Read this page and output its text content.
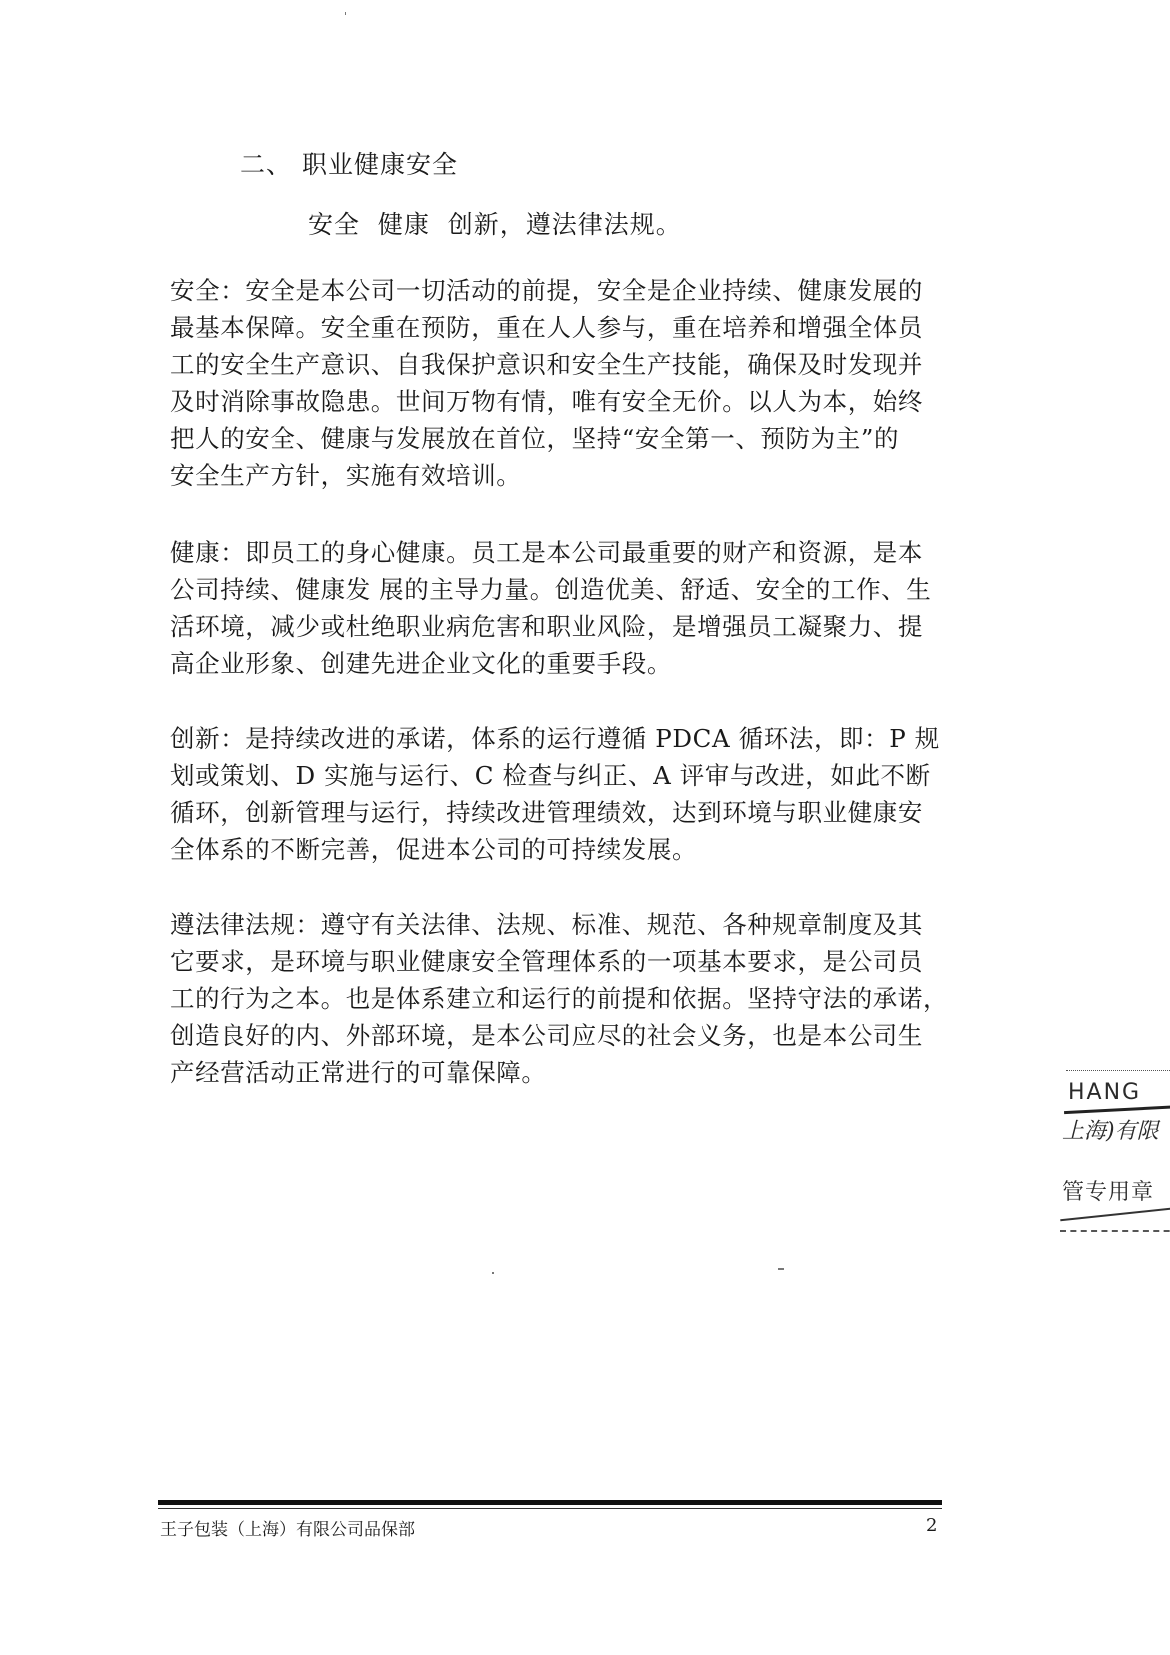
二、 职业健康安全
安全  健康  创新，遵法律法规。

安全：安全是本公司一切活动的前提，安全是企业持续、健康发展的
最基本保障。安全重在预防，重在人人参与，重在培养和增强全体员
工的安全生产意识、自我保护意识和安全生产技能，确保及时发现并
及时消除事故隐患。世间万物有情，唯有安全无价。以人为本，始终
把人的安全、健康与发展放在首位，坚持“安全第一、预防为主”的
安全生产方针，实施有效培训。

健康：即员工的身心健康。员工是本公司最重要的财产和资源，是本
公司持续、健康发 展的主导力量。创造优美、舒适、安全的工作、生
活环境，减少或杜绝职业病危害和职业风险，是增强员工凝聚力、提
高企业形象、创建先进企业文化的重要手段。

创新：是持续改进的承诺，体系的运行遵循 PDCA 循环法，即：P 规
划或策划、D 实施与运行、C 检查与纠正、A 评审与改进，如此不断
循环，创新管理与运行，持续改进管理绩效，达到环境与职业健康安
全体系的不断完善，促进本公司的可持续发展。

遵法律法规：遵守有关法律、法规、标准、规范、各种规章制度及其
它要求，是环境与职业健康安全管理体系的一项基本要求，是公司员
工的行为之本。也是体系建立和运行的前提和依据。坚持守法的承诺，
创造良好的内、外部环境，是本公司应尽的社会义务，也是本公司生
产经营活动正常进行的可靠保障。

HANG
上海)有限
管专用章
王子包装（上海）有限公司品保部	2
